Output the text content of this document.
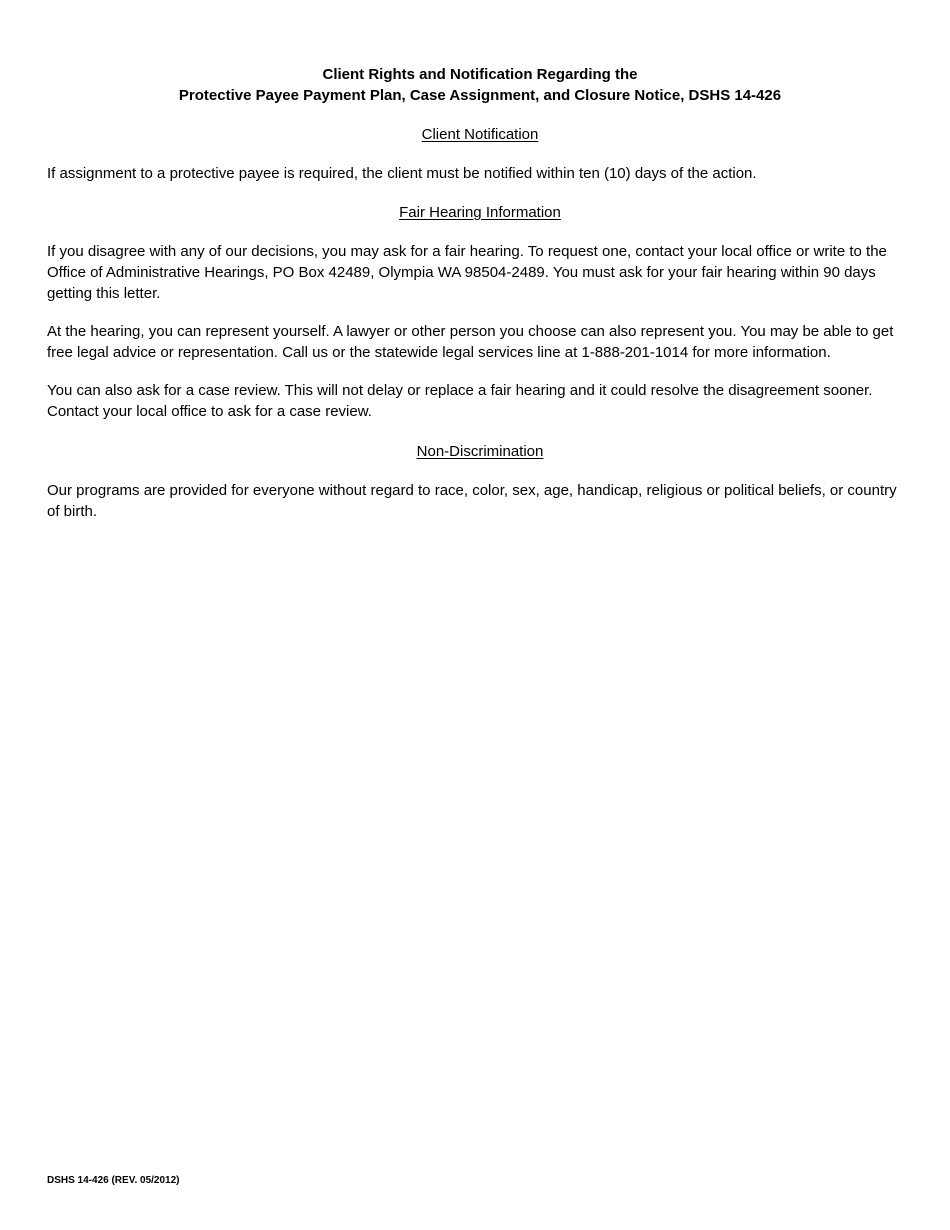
Client Rights and Notification Regarding the
Protective Payee Payment Plan, Case Assignment, and Closure Notice, DSHS 14-426
Client Notification

If assignment to a protective payee is required, the client must be notified within ten (10) days of the action.

Fair Hearing Information

If you disagree with any of our decisions, you may ask for a fair hearing. To request one, contact your local office or write to the Office of Administrative Hearings, PO Box 42489, Olympia WA 98504-2489. You must ask for your fair hearing within 90 days getting this letter.

At the hearing, you can represent yourself. A lawyer or other person you choose can also represent you. You may be able to get free legal advice or representation. Call us or the statewide legal services line at 1-888-201-1014 for more information.

You can also ask for a case review. This will not delay or replace a fair hearing and it could resolve the disagreement sooner. Contact your local office to ask for a case review.

Non-Discrimination

Our programs are provided for everyone without regard to race, color, sex, age, handicap, religious or political beliefs, or country of birth.

DSHS 14-426 (REV. 05/2012)
